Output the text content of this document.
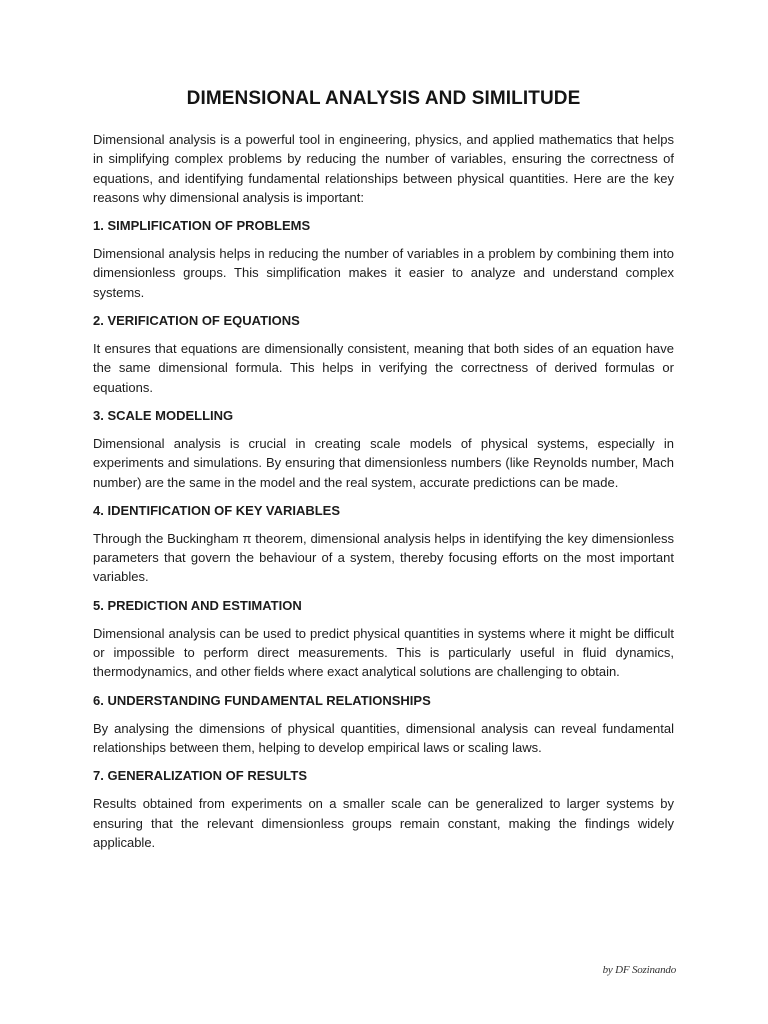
DIMENSIONAL ANALYSIS AND SIMILITUDE

Dimensional analysis is a powerful tool in engineering, physics, and applied mathematics that helps in simplifying complex problems by reducing the number of variables, ensuring the correctness of equations, and identifying fundamental relationships between physical quantities. Here are the key reasons why dimensional analysis is important:

1. SIMPLIFICATION OF PROBLEMS

Dimensional analysis helps in reducing the number of variables in a problem by combining them into dimensionless groups. This simplification makes it easier to analyze and understand complex systems.

2. VERIFICATION OF EQUATIONS

It ensures that equations are dimensionally consistent, meaning that both sides of an equation have the same dimensional formula. This helps in verifying the correctness of derived formulas or equations.

3. SCALE MODELLING

Dimensional analysis is crucial in creating scale models of physical systems, especially in experiments and simulations. By ensuring that dimensionless numbers (like Reynolds number, Mach number) are the same in the model and the real system, accurate predictions can be made.

4. IDENTIFICATION OF KEY VARIABLES

Through the Buckingham π theorem, dimensional analysis helps in identifying the key dimensionless parameters that govern the behaviour of a system, thereby focusing efforts on the most important variables.

5. PREDICTION AND ESTIMATION

Dimensional analysis can be used to predict physical quantities in systems where it might be difficult or impossible to perform direct measurements. This is particularly useful in fluid dynamics, thermodynamics, and other fields where exact analytical solutions are challenging to obtain.

6. UNDERSTANDING FUNDAMENTAL RELATIONSHIPS

By analysing the dimensions of physical quantities, dimensional analysis can reveal fundamental relationships between them, helping to develop empirical laws or scaling laws.

7. GENERALIZATION OF RESULTS

Results obtained from experiments on a smaller scale can be generalized to larger systems by ensuring that the relevant dimensionless groups remain constant, making the findings widely applicable.

by DF Sozinando
